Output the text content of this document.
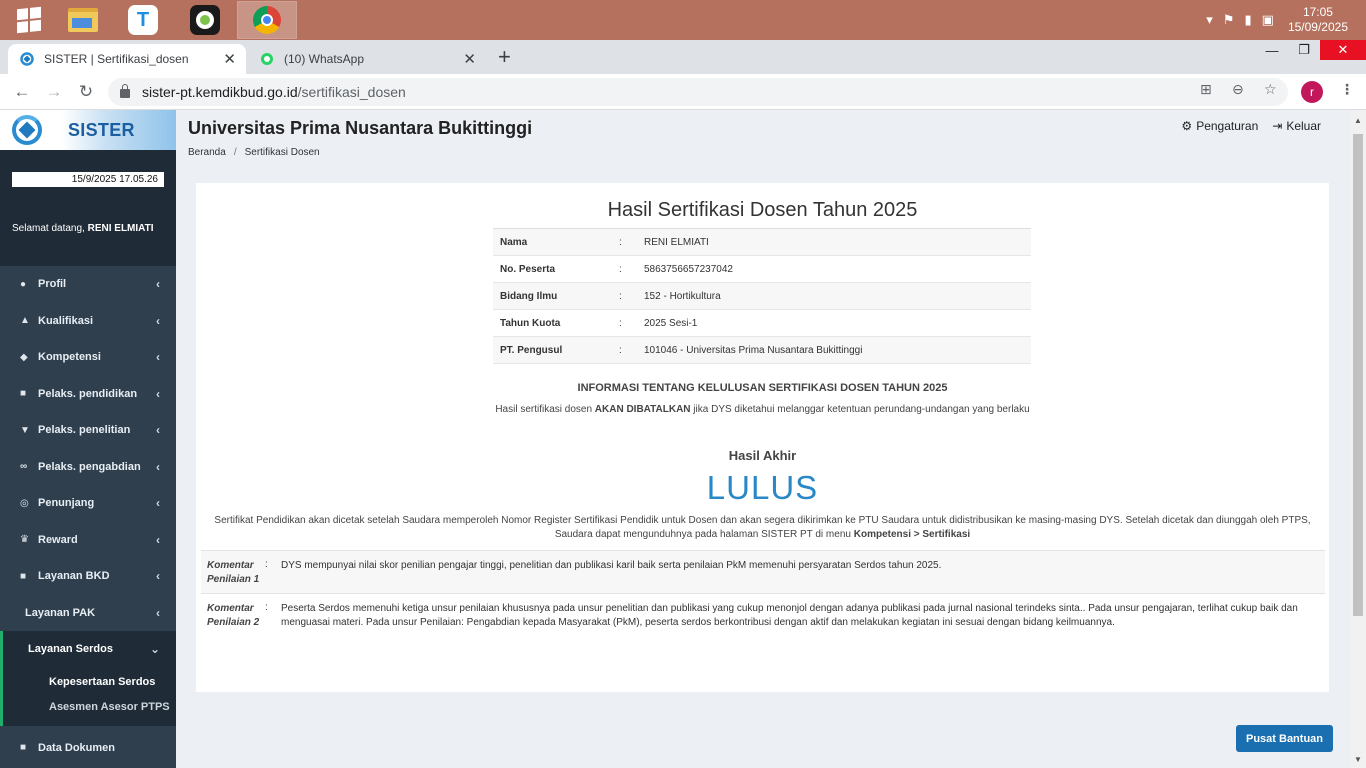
T	▾ ⚑ ▮ ▣	17:05
15/09/2025
SISTER | Sertifikasi_dosen ✕	(10) WhatsApp	✕ +	—	❐	✕
← → ↻	sister-pt.kemdikbud.go.id /sertifikasi_dosen	⊞ ⊖ ☆	⋮
r
SISTER
15/9/2025 17.05.26
Selamat datang, RENI ELMIATI
●	Profil	‹
▲ Kualifikasi	‹
◆ Kompetensi	‹
■	Pelaks. pendidikan ‹
▼ Pelaks. penelitian ‹
∞ Pelaks. pengabdian ‹
◎ Penunjang	‹
♛ Reward	‹
■	Layanan BKD	‹
Layanan PAK	‹
Layanan Serdos	⌄
Kepesertaan Serdos
Asesmen Asesor PTPS
■	Data Dokumen
Universitas Prima Nusantara Bukittinggi
Beranda / Sertifikasi Dosen
⚙ Pengaturan ⇥ Keluar
Hasil Sertifikasi Dosen Tahun 2025
Nama	:	RENI ELMIATI
No. Peserta	:	5863756657237042
Bidang Ilmu	:	152 - Hortikultura
Tahun Kuota	:	2025 Sesi-1
PT. Pengusul	:	101046 - Universitas Prima Nusantara Bukittinggi
INFORMASI TENTANG KELULUSAN SERTIFIKASI DOSEN TAHUN 2025
Hasil sertifikasi dosen AKAN DIBATALKAN jika DYS diketahui melanggar ketentuan perundang-undangan yang berlaku
Hasil Akhir
LULUS
Sertifikat Pendidikan akan dicetak setelah Saudara memperoleh Nomor Register Sertifikasi Pendidik untuk Dosen dan akan segera dikirimkan ke PTU Saudara untuk didistribusikan ke masing-masing DYS. Setelah dicetak dan diunggah oleh PTPS, Saudara dapat mengunduhnya pada halaman SISTER PT di menu Kompetensi > Sertifikasi
Komentar Penilaian 1
:	DYS mempunyai nilai skor penilian pengajar tinggi, penelitian dan publikasi karil baik serta penilaian PkM memenuhi persyaratan Serdos tahun 2025.
Komentar Penilaian 2
:	Peserta Serdos memenuhi ketiga unsur penilaian khususnya pada unsur penelitian dan publikasi yang cukup menonjol dengan adanya publikasi pada jurnal nasional terindeks sinta.. Pada unsur pengajaran, terlihat cukup baik dan menguasai materi. Pada unsur Penilaian: Pengabdian kepada Masyarakat (PkM), peserta serdos berkontribusi dengan aktif dan melakukan kegiatan ini sesuai dengan bidang keilmuannya.
Pusat Bantuan
▲
▼
